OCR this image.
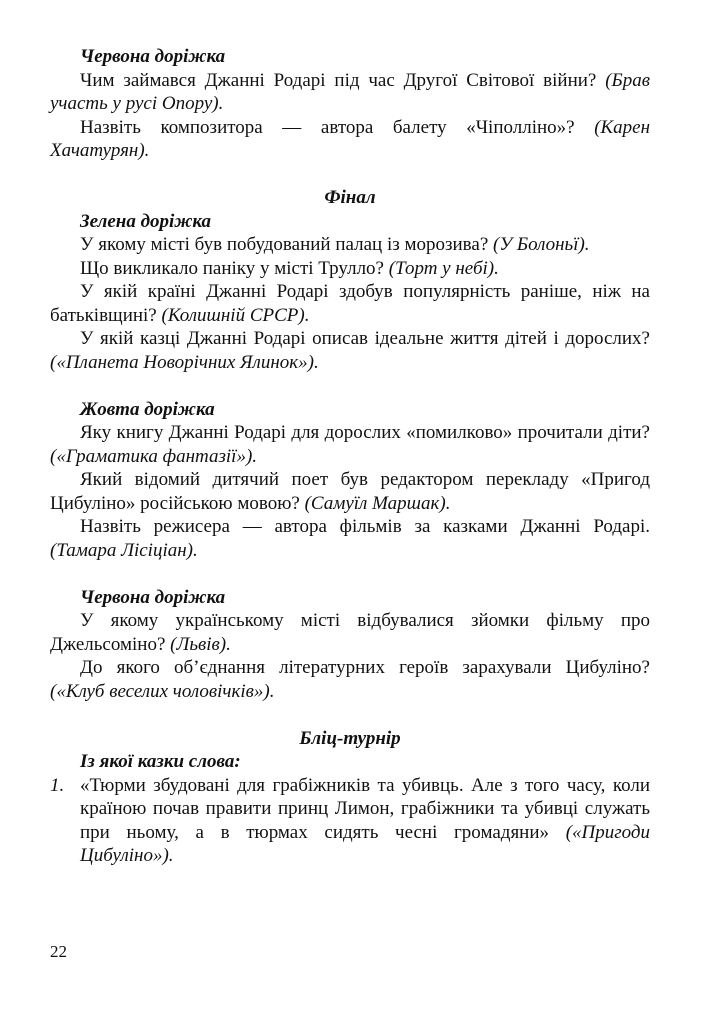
Червона доріжка

Чим займався Джанні Родарі під час Другої Світової війни? (Брав участь у русі Опору).

Назвіть композитора — автора балету «Чіполліно»? (Карен Хачатурян).

Фінал

Зелена доріжка

У якому місті був побудований палац із морозива? (У Болоньї).

Що викликало паніку у місті Трулло? (Торт у небі).

У якій країні Джанні Родарі здобув популярність раніше, ніж на батьківщині? (Колишній СРСР).

У якій казці Джанні Родарі описав ідеальне життя дітей і дорослих? («Планета Новорічних Ялинок»).

Жовта доріжка

Яку книгу Джанні Родарі для дорослих «помилково» прочитали діти? («Граматика фантазії»).

Який відомий дитячий поет був редактором перекладу «Пригод Цибуліно» російською мовою? (Самуїл Маршак).

Назвіть режисера — автора фільмів за казками Джанні Родарі. (Тамара Лісіціан).

Червона доріжка

У якому українському місті відбувалися зйомки фільму про Джельсоміно? (Львів).

До якого об’єднання літературних героїв зарахували Цибуліно? («Клуб веселих чоловічків»).

Бліц-турнір

Із якої казки слова:

1. «Тюрми збудовані для грабіжників та убивць. Але з того часу, коли країною почав правити принц Лимон, грабіжники та убивці служать при ньому, а в тюрмах сидять чесні громадяни» («Пригоди Цибуліно»).
22
